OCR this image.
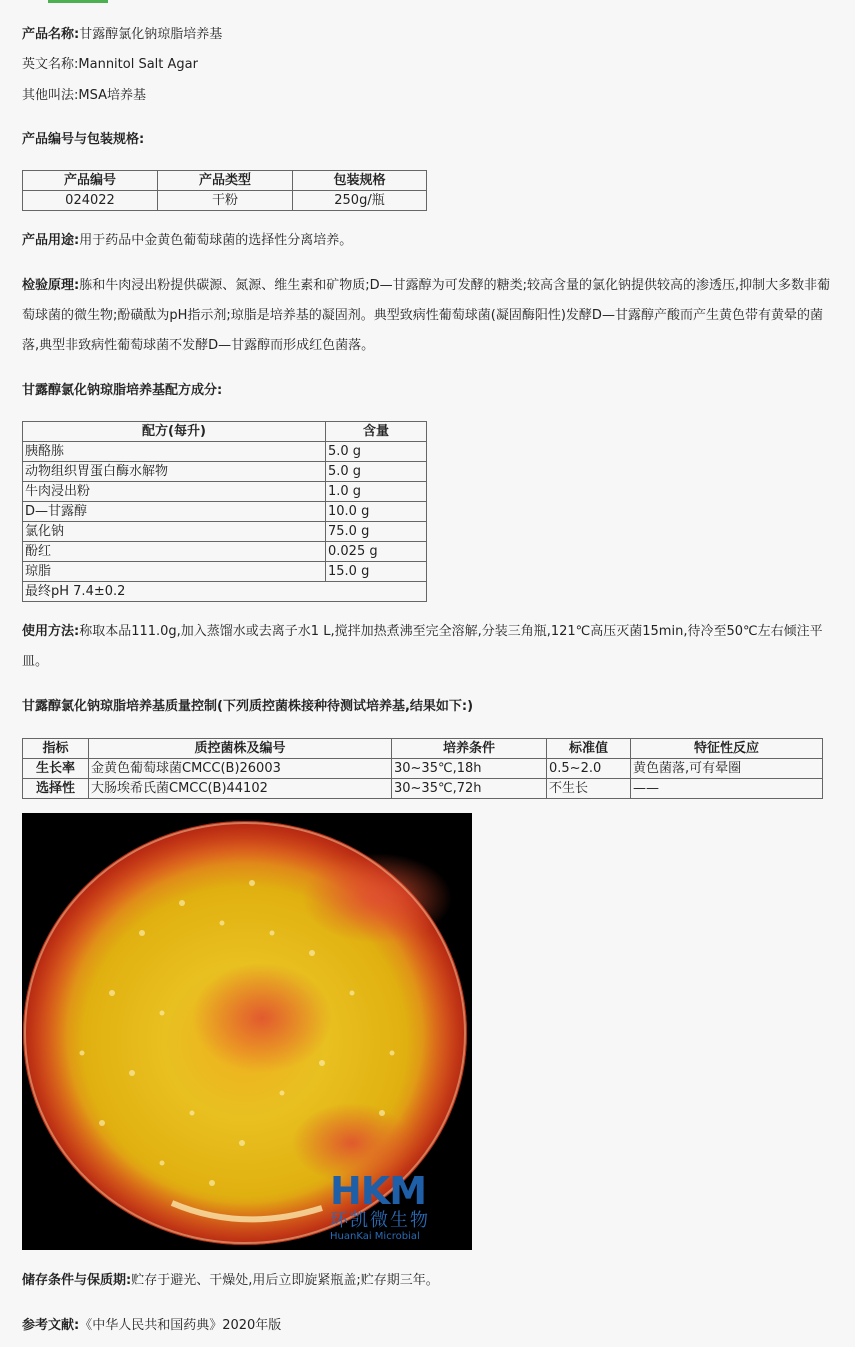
产品名称:甘露醇氯化钠琼脂培养基
英文名称:Mannitol Salt Agar
其他叫法:MSA培养基
产品编号与包装规格:
产品编号	产品类型	包装规格
024022	干粉	250g/瓶
产品用途:用于药品中金黄色葡萄球菌的选择性分离培养。
检验原理:胨和牛肉浸出粉提供碳源、氮源、维生素和矿物质;D—甘露醇为可发酵的糖类;较高含量的氯化钠提供较高的渗透压,抑制大多数非葡萄球菌的微生物;酚磺酞为pH指示剂;琼脂是培养基的凝固剂。典型致病性葡萄球菌(凝固酶阳性)发酵D—甘露醇产酸而产生黄色带有黄晕的菌落,典型非致病性葡萄球菌不发酵D—甘露醇而形成红色菌落。
甘露醇氯化钠琼脂培养基配方成分:
配方(每升)	含量
胰酪胨	5.0 g
动物组织胃蛋白酶水解物	5.0 g
牛肉浸出粉	1.0 g
D—甘露醇	10.0 g
氯化钠	75.0 g
酚红	0.025 g
琼脂	15.0 g
最终pH 7.4±0.2	
使用方法:称取本品111.0g,加入蒸馏水或去离子水1 L,搅拌加热煮沸至完全溶解,分装三角瓶,121℃高压灭菌15min,待冷至50℃左右倾注平皿。
甘露醇氯化钠琼脂培养基质量控制(下列质控菌株接种待测试培养基,结果如下:)
指标	质控菌株及编号	培养条件	标准值	特征性反应
生长率	金黄色葡萄球菌CMCC(B)26003	30~35℃,18h	0.5~2.0	黄色菌落,可有晕圈
选择性	大肠埃希氏菌CMCC(B)44102	30~35℃,72h	不生长	——
HKM
环凯微生物
HuanKai Microbial
储存条件与保质期:贮存于避光、干燥处,用后立即旋紧瓶盖;贮存期三年。
参考文献:《中华人民共和国药典》2020年版
